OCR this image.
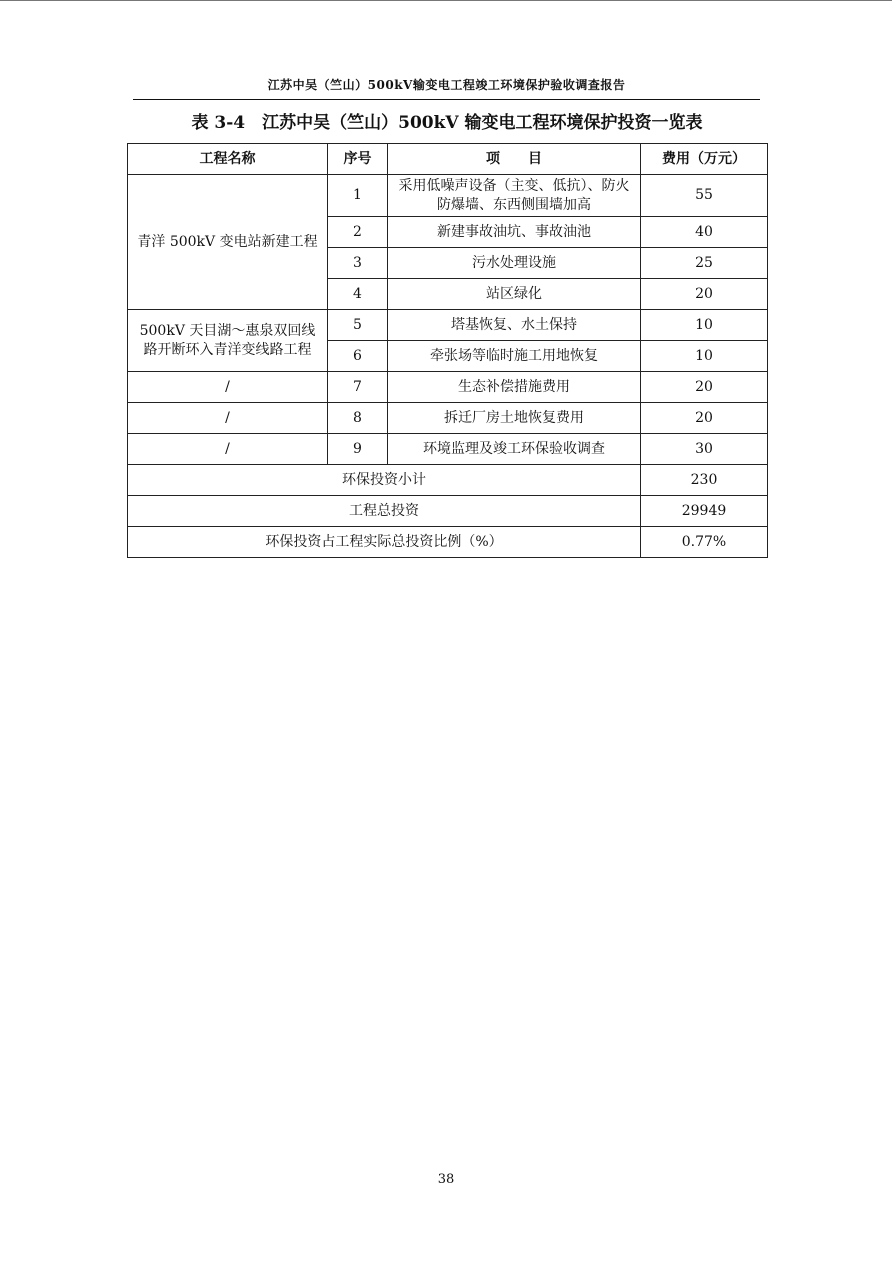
江苏中吴（竺山）500kV输变电工程竣工环境保护验收调查报告
表 3-4　江苏中吴（竺山）500kV 输变电工程环境保护投资一览表
工程名称	序号	项　　目	费用（万元）
青洋 500kV 变电站新建工程	1	采用低噪声设备（主变、低抗）、防火防爆墙、东西侧围墙加高	55
	2	新建事故油坑、事故油池	40
	3	污水处理设施	25
	4	站区绿化	20
500kV 天目湖～惠泉双回线路开断环入青洋变线路工程	5	塔基恢复、水土保持	10
	6	牵张场等临时施工用地恢复	10
/	7	生态补偿措施费用	20
/	8	拆迁厂房土地恢复费用	20
/	9	环境监理及竣工环保验收调查	30
环保投资小计			230
工程总投资			29949
环保投资占工程实际总投资比例（%）			0.77%
38
